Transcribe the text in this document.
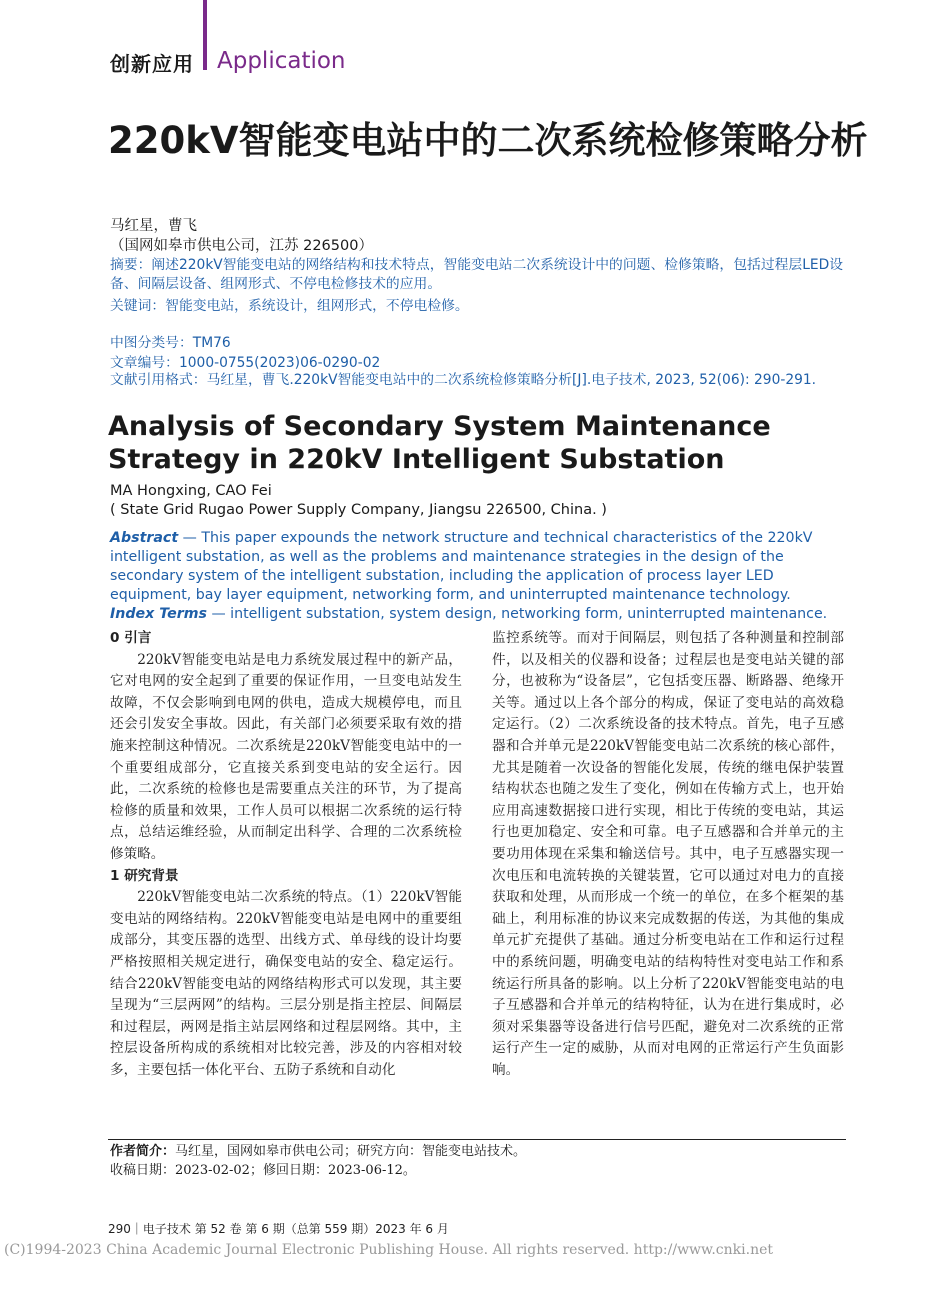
创新应用 Application
220kV智能变电站中的二次系统检修策略分析
马红星，曹飞
（国网如皋市供电公司，江苏 226500）
摘要：阐述220kV智能变电站的网络结构和技术特点，智能变电站二次系统设计中的问题、检修策略，包括过程层LED设备、间隔层设备、组网形式、不停电检修技术的应用。
关键词：智能变电站，系统设计，组网形式，不停电检修。
中图分类号：TM76
文章编号：1000-0755(2023)06-0290-02
文献引用格式：马红星，曹飞.220kV智能变电站中的二次系统检修策略分析[J].电子技术, 2023, 52(06): 290-291.
Analysis of Secondary System Maintenance Strategy in 220kV Intelligent Substation
MA Hongxing, CAO Fei
( State Grid Rugao Power Supply Company, Jiangsu 226500, China. )
Abstract — This paper expounds the network structure and technical characteristics of the 220kV intelligent substation, as well as the problems and maintenance strategies in the design of the secondary system of the intelligent substation, including the application of process layer LED equipment, bay layer equipment, networking form, and uninterrupted maintenance technology.
Index Terms — intelligent substation, system design, networking form, uninterrupted maintenance.
0 引言

220kV智能变电站是电力系统发展过程中的新产品，它对电网的安全起到了重要的保证作用，一旦变电站发生故障，不仅会影响到电网的供电，造成大规模停电，而且还会引发安全事故。因此，有关部门必须要采取有效的措施来控制这种情况。二次系统是220kV智能变电站中的一个重要组成部分，它直接关系到变电站的安全运行。因此，二次系统的检修也是需要重点关注的环节，为了提高检修的质量和效果，工作人员可以根据二次系统的运行特点，总结运维经验，从而制定出科学、合理的二次系统检修策略。

1 研究背景

220kV智能变电站二次系统的特点。（1）220kV智能变电站的网络结构。220kV智能变电站是电网中的重要组成部分，其变压器的选型、出线方式、单母线的设计均要严格按照相关规定进行，确保变电站的安全、稳定运行。结合220kV智能变电站的网络结构形式可以发现，其主要呈现为“三层两网”的结构。三层分别是指主控层、间隔层和过程层，两网是指主站层网络和过程层网络。其中，主控层设备所构成的系统相对比较完善，涉及的内容相对较多，主要包括一体化平台、五防子系统和自动化

监控系统等。而对于间隔层，则包括了各种测量和控制部件，以及相关的仪器和设备；过程层也是变电站关键的部分，也被称为“设备层”，它包括变压器、断路器、绝缘开关等。通过以上各个部分的构成，保证了变电站的高效稳定运行。（2）二次系统设备的技术特点。首先，电子互感器和合并单元是220kV智能变电站二次系统的核心部件，尤其是随着一次设备的智能化发展，传统的继电保护装置结构状态也随之发生了变化，例如在传输方式上，也开始应用高速数据接口进行实现，相比于传统的变电站，其运行也更加稳定、安全和可靠。电子互感器和合并单元的主要功用体现在采集和输送信号。其中，电子互感器实现一次电压和电流转换的关键装置，它可以通过对电力的直接获取和处理，从而形成一个统一的单位，在多个框架的基础上，利用标准的协议来完成数据的传送，为其他的集成单元扩充提供了基础。通过分析变电站在工作和运行过程中的系统问题，明确变电站的结构特性对变电站工作和系统运行所具备的影响。以上分析了220kV智能变电站的电子互感器和合并单元的结构特征，认为在进行集成时，必须对采集器等设备进行信号匹配，避免对二次系统的正常运行产生一定的威胁，从而对电网的正常运行产生负面影响。

作者简介：马红星，国网如皋市供电公司；研究方向：智能变电站技术。
收稿日期：2023-02-02；修回日期：2023-06-12。
290｜电子技术 第 52 卷 第 6 期（总第 559 期）2023 年 6 月
(C)1994-2023 China Academic Journal Electronic Publishing House. All rights reserved. http://www.cnki.net
